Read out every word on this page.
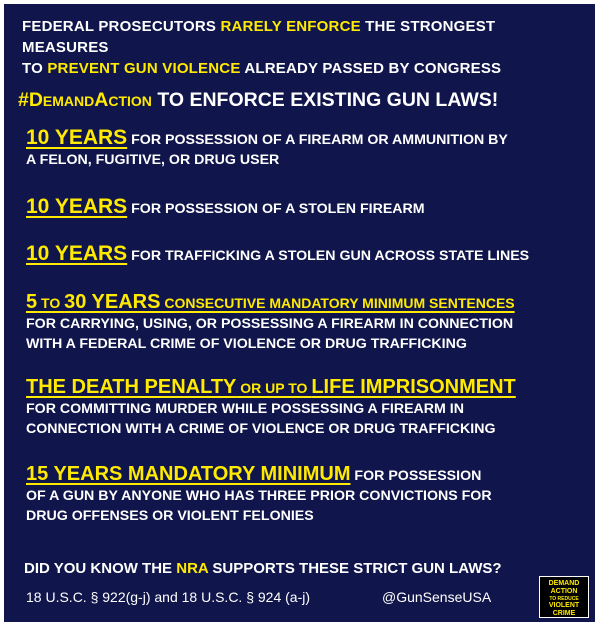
FEDERAL PROSECUTORS RARELY ENFORCE THE STRONGEST MEASURES
TO PREVENT GUN VIOLENCE ALREADY PASSED BY CONGRESS
#DemandAction TO ENFORCE EXISTING GUN LAWS!
10 YEARS FOR POSSESSION OF A FIREARM OR AMMUNITION BY
A FELON, FUGITIVE, OR DRUG USER
10 YEARS FOR POSSESSION OF A STOLEN FIREARM
10 YEARS FOR TRAFFICKING A STOLEN GUN ACROSS STATE LINES
5 TO 30 YEARS CONSECUTIVE MANDATORY MINIMUM SENTENCES
FOR CARRYING, USING, OR POSSESSING A FIREARM IN CONNECTION
WITH A FEDERAL CRIME OF VIOLENCE OR DRUG TRAFFICKING
THE DEATH PENALTY OR UP TO LIFE IMPRISONMENT
FOR COMMITTING MURDER WHILE POSSESSING A FIREARM IN
CONNECTION WITH A CRIME OF VIOLENCE OR DRUG TRAFFICKING
15 YEARS MANDATORY MINIMUM FOR POSSESSION
OF A GUN BY ANYONE WHO HAS THREE PRIOR CONVICTIONS FOR
DRUG OFFENSES OR VIOLENT FELONIES
DID YOU KNOW THE NRA SUPPORTS THESE STRICT GUN LAWS?
18 U.S.C. § 922(g-j) and 18 U.S.C. § 924 (a-j)	@GunSenseUSA
DEMAND
ACTION
TO REDUCE
VIOLENT
CRIME
